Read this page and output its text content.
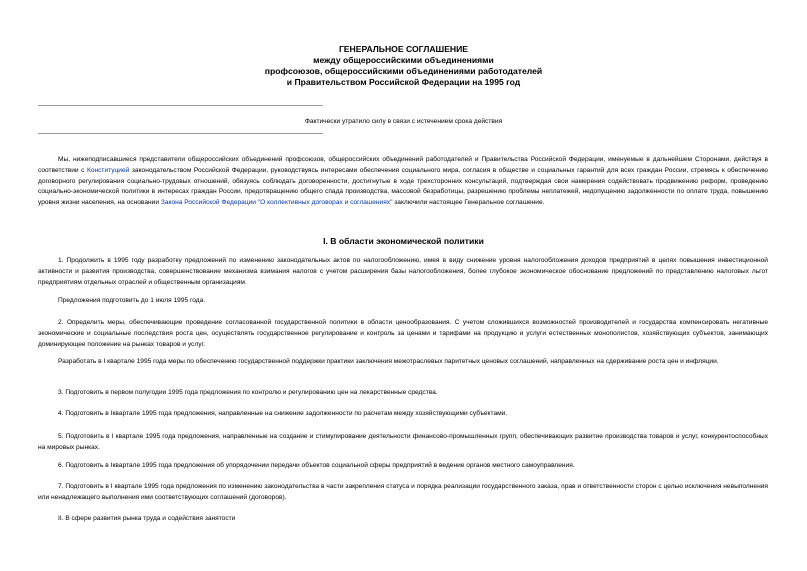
ГЕНЕРАЛЬНОЕ СОГЛАШЕНИЕ
между общероссийскими объединениями
профсоюзов, общероссийскими объединениями работодателей
и Правительством Российской Федерации на 1995 год
Фактически утратило силу в связи с истечением срока действия

Мы, нижеподписавшиеся представители общероссийских объединений профсоюзов, общероссийских объединений работодателей и Правительства Российской Федерации, именуемые в дальнейшем Сторонами, действуя в соответствии с Конституцией законодательством Российской Федерации, руководствуясь интересами обеспечения социального мира, согласия в обществе и социальных гарантий для всех граждан России, стремясь к обеспечению договорного регулирования социально-трудовых отношений, обязуясь соблюдать договоренности, достигнутые в ходе трехсторонних консультаций, подтверждая свои намерения содействовать продвижению реформ, проведению социально-экономической политики в интересах граждан России, предотвращению общего спада производства, массовой безработицы, разрешению проблемы неплатежей, недопущению задолженности по оплате труда, повышению уровня жизни населения, на основании Закона Российской Федерации "О коллективных договорах и соглашениях" заключили настоящее Генеральное соглашение.

I. В области экономической политики

1. Продолжить в 1995 году разработку предложений по изменению законодательных актов по налогообложению, имея в виду снижение уровня налогообложения доходов предприятий в целях повышения инвестиционной активности и развития производства, совершенствование механизма взимания налогов с учетом расширения базы налогообложения, более глубокое экономическое обоснование предложений по представлению налоговых льгот предприятиям отдельных отраслей и общественным организациям.

Предложения подготовить до 1 июля 1995 года.

2. Определить меры, обеспечивающие проведение согласованной государственной политики в области ценообразования. С учетом сложившихся возможностей производителей и государства компенсировать негативные экономические и социальные последствия роста цен, осуществлять государственное регулирование и контроль за ценами и тарифами на продукцию и услуги естественных монополистов, хозяйствующих субъектов, занимающих доминирующее положение на рынках товаров и услуг.

Разработать в I квартале 1995 года меры по обеспечению государственной поддержки практики заключения межотраслевых паритетных ценовых соглашений, направленных на сдерживание роста цен и инфляции.

3. Подготовить в первом полугодии 1995 года предложения по контролю и регулированию цен на лекарственные средства.

4. Подготовить в Iквартале 1995 года предложения, направленные на снижение задолженности по расчетам между хозяйствующими субъектами.

5. Подготовить в I квартале 1995 года предложения, направленные на создание и стимулирование деятельности финансово-промышленных групп, обеспечивающих развитие производства товаров и услуг, конкурентоспособных на мировых рынках.

6. Подготовить в Iквартале 1995 года предложения об упорядочении передачи объектов социальной сферы предприятий в ведение органов местного самоуправления.

7. Подготовить в I квартале 1995 года предложения по изменению законодательства в части закрепления статуса и порядка реализации государственного заказа, прав и ответственности сторон с целью исключения невыполнения или ненадлежащего выполнения ими соответствующих соглашений (договоров).

II. В сфере развития рынка труда и содействия занятости
